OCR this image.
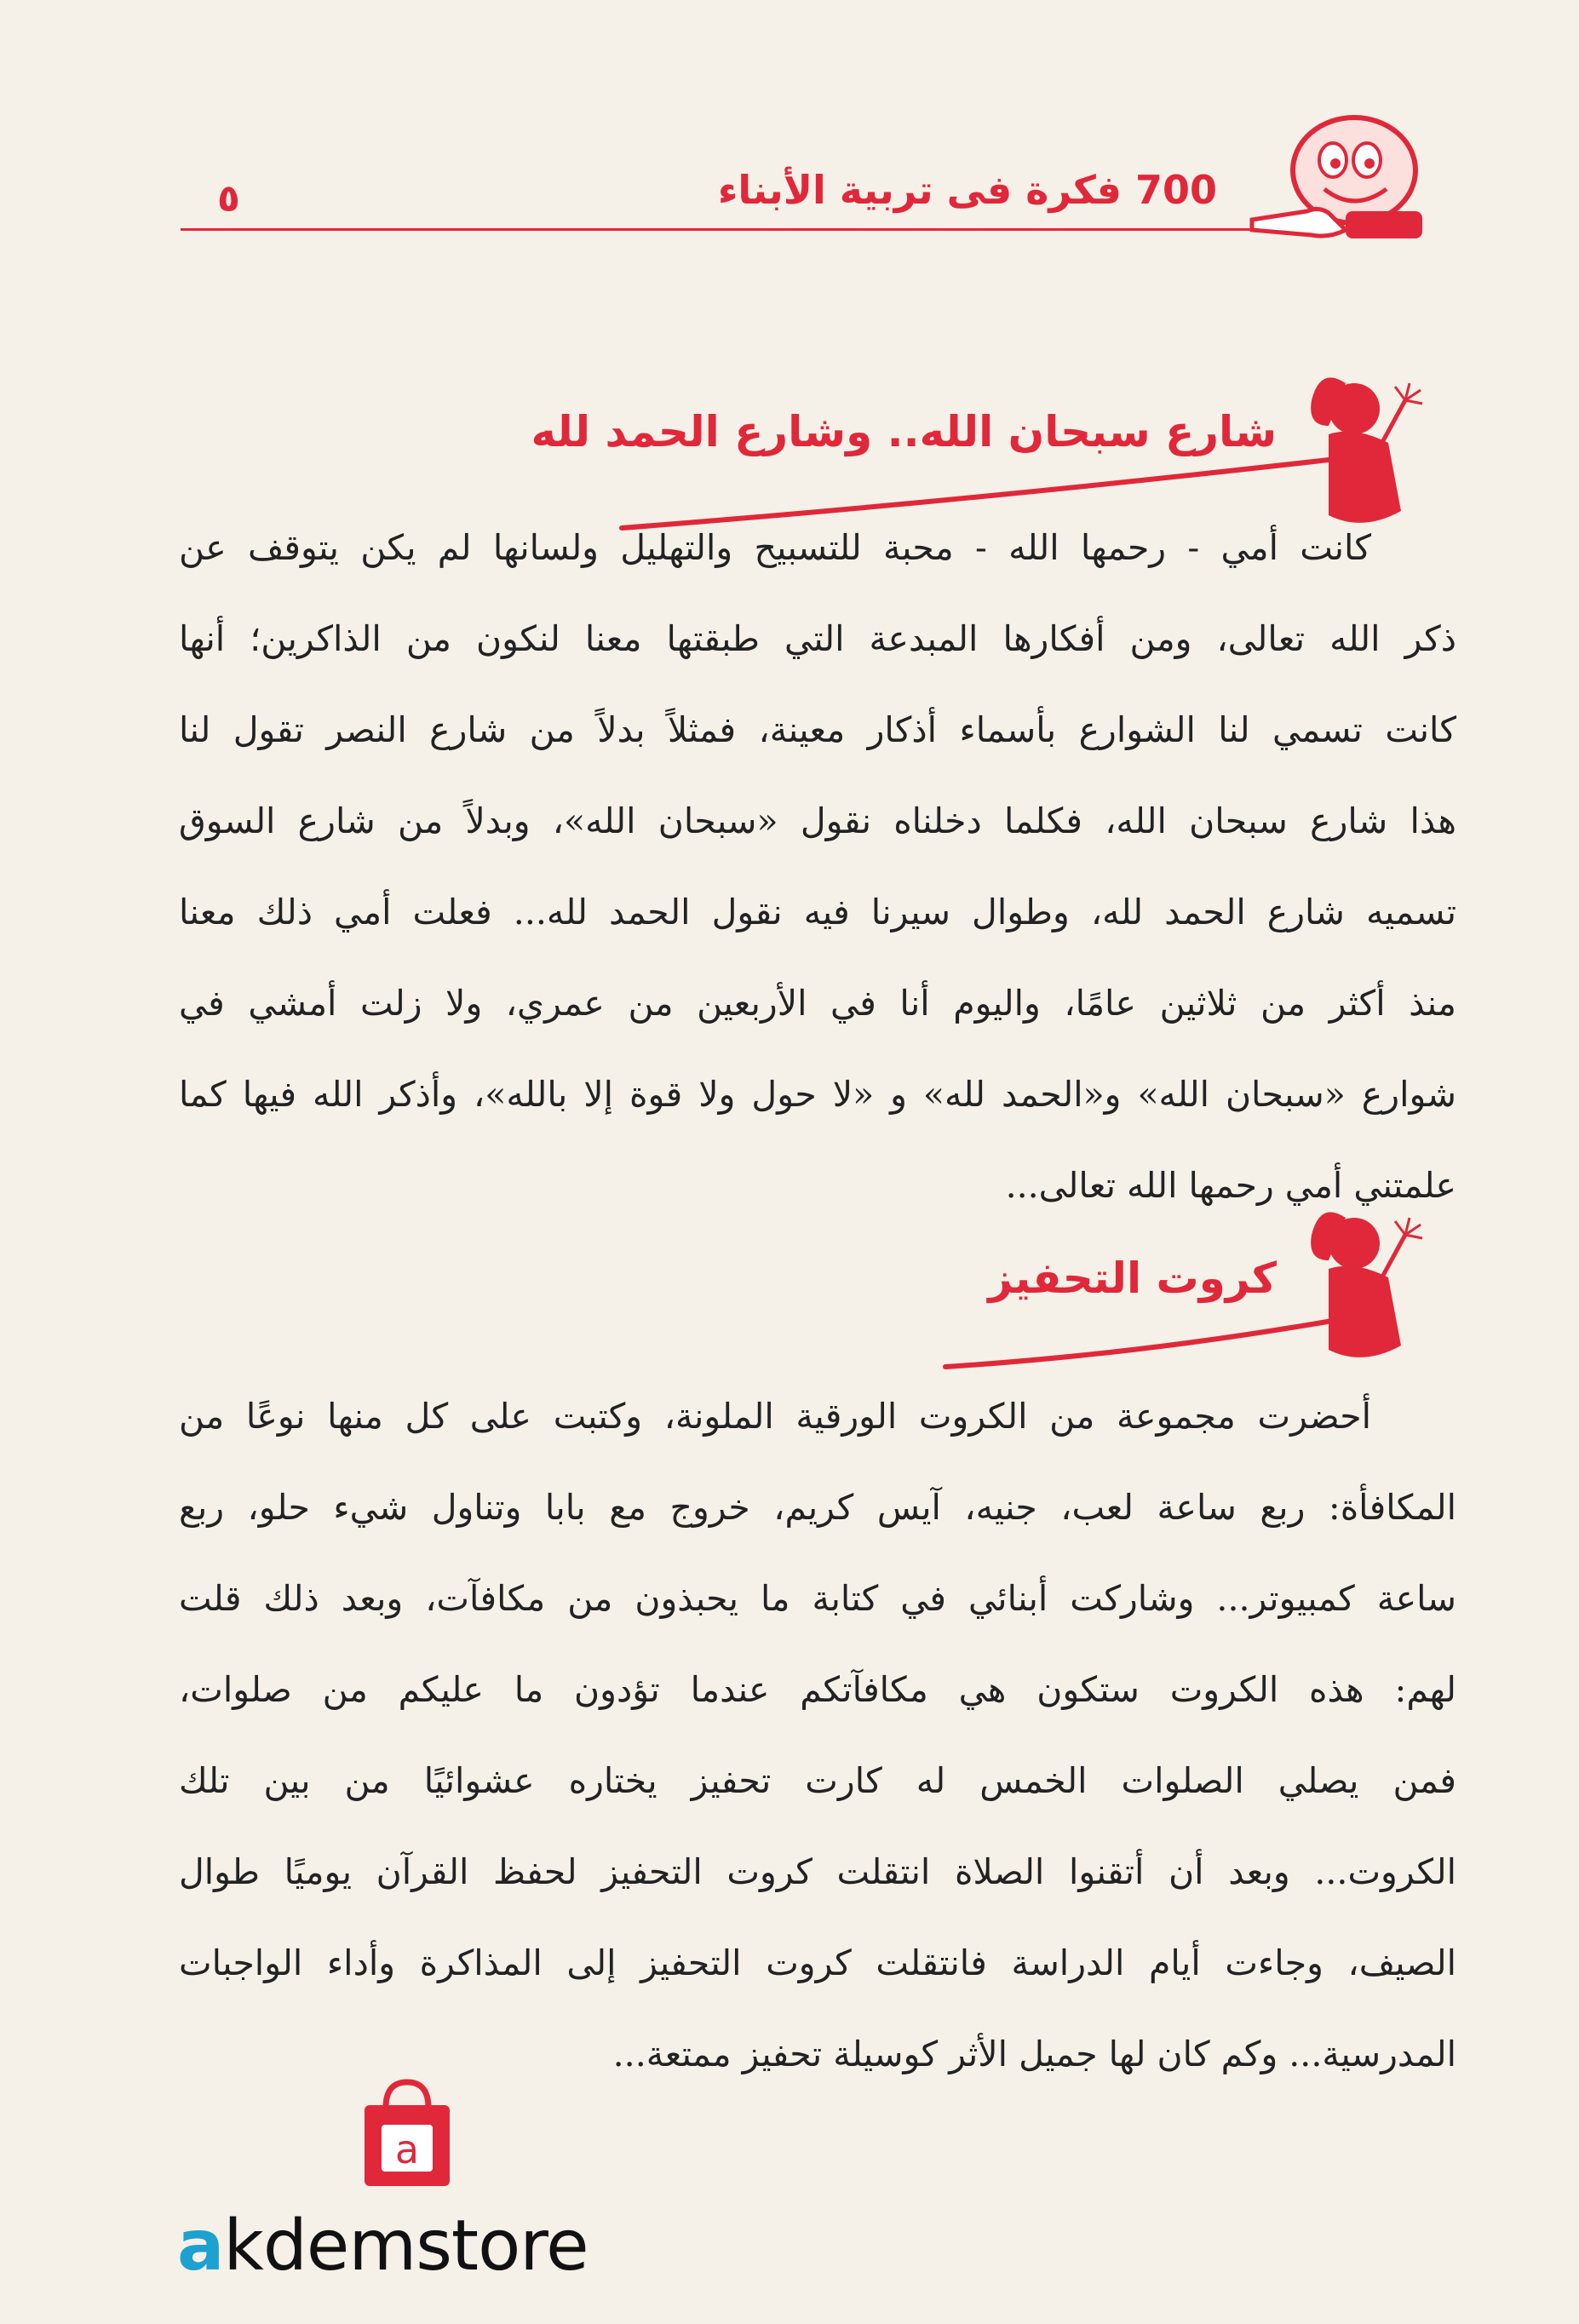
٥	700 فكرة فى تربية الأبناء
شارع سبحان الله.. وشارع الحمد لله
كانت أمي - رحمها الله - محبة للتسبيح والتهليل ولسانها لم يكن يتوقف عن
ذكر الله تعالى، ومن أفكارها المبدعة التي طبقتها معنا لنكون من الذاكرين؛ أنها
كانت تسمي لنا الشوارع بأسماء أذكار معينة، فمثلاً بدلاً من شارع النصر تقول لنا
هذا شارع سبحان الله، فكلما دخلناه نقول «سبحان الله»، وبدلاً من شارع السوق
تسميه شارع الحمد لله، وطوال سيرنا فيه نقول الحمد لله... فعلت أمي ذلك معنا
منذ أكثر من ثلاثين عامًا، واليوم أنا في الأربعين من عمري، ولا زلت أمشي في
شوارع «سبحان الله» و«الحمد لله» و «لا حول ولا قوة إلا بالله»، وأذكر الله فيها كما
علمتني أمي رحمها الله تعالى...
كروت التحفيز
أحضرت مجموعة من الكروت الورقية الملونة، وكتبت على كل منها نوعًا من
المكافأة: ربع ساعة لعب، جنيه، آيس كريم، خروج مع بابا وتناول شيء حلو، ربع
ساعة كمبيوتر... وشاركت أبنائي في كتابة ما يحبذون من مكافآت، وبعد ذلك قلت
لهم: هذه الكروت ستكون هي مكافآتكم عندما تؤدون ما عليكم من صلوات،
فمن يصلي الصلوات الخمس له كارت تحفيز يختاره عشوائيًا من بين تلك
الكروت... وبعد أن أتقنوا الصلاة انتقلت كروت التحفيز لحفظ القرآن يوميًا طوال
الصيف، وجاءت أيام الدراسة فانتقلت كروت التحفيز إلى المذاكرة وأداء الواجبات
المدرسية... وكم كان لها جميل الأثر كوسيلة تحفيز ممتعة...
a
akdemstore
